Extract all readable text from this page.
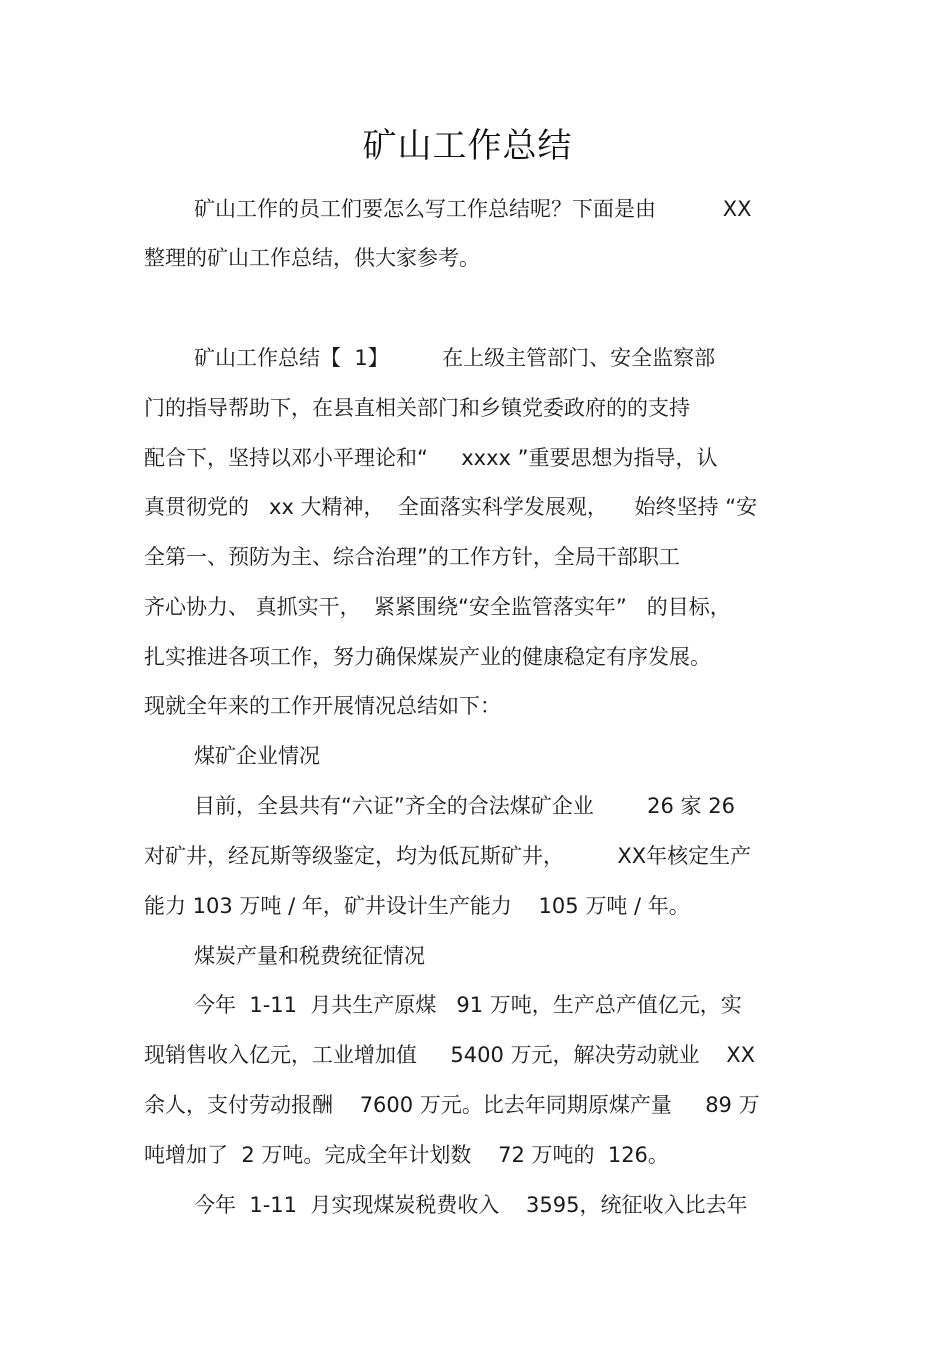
矿山工作总结
矿山工作的员工们要怎么写工作总结呢？下面是由          XX
整理的矿山工作总结，供大家参考。
矿山工作总结【  1】        在上级主管部门、安全监察部
门的指导帮助下，在县直相关部门和乡镇党委政府的的支持
配合下，坚持以邓小平理论和“     xxxx ”重要思想为指导，认
真贯彻党的   xx 大精神，  全面落实科学发展观，    始终坚持 “安
全第一、预防为主、综合治理”的工作方针，全局干部职工
齐心协力、 真抓实干，  紧紧围绕“安全监管落实年”   的目标，
扎实推进各项工作，努力确保煤炭产业的健康稳定有序发展。
现就全年来的工作开展情况总结如下：
煤矿企业情况
目前，全县共有“六证”齐全的合法煤矿企业        26 家 26
对矿井，经瓦斯等级鉴定，均为低瓦斯矿井，        XX年核定生产
能力 103 万吨 / 年，矿井设计生产能力    105 万吨 / 年。
煤炭产量和税费统征情况
今年  1-11  月共生产原煤   91 万吨，生产总产值亿元，实
现销售收入亿元，工业增加值     5400 万元，解决劳动就业    XX
余人，支付劳动报酬    7600 万元。比去年同期原煤产量     89 万
吨增加了  2 万吨。完成全年计划数    72 万吨的  126。
今年  1-11  月实现煤炭税费收入    3595，统征收入比去年
